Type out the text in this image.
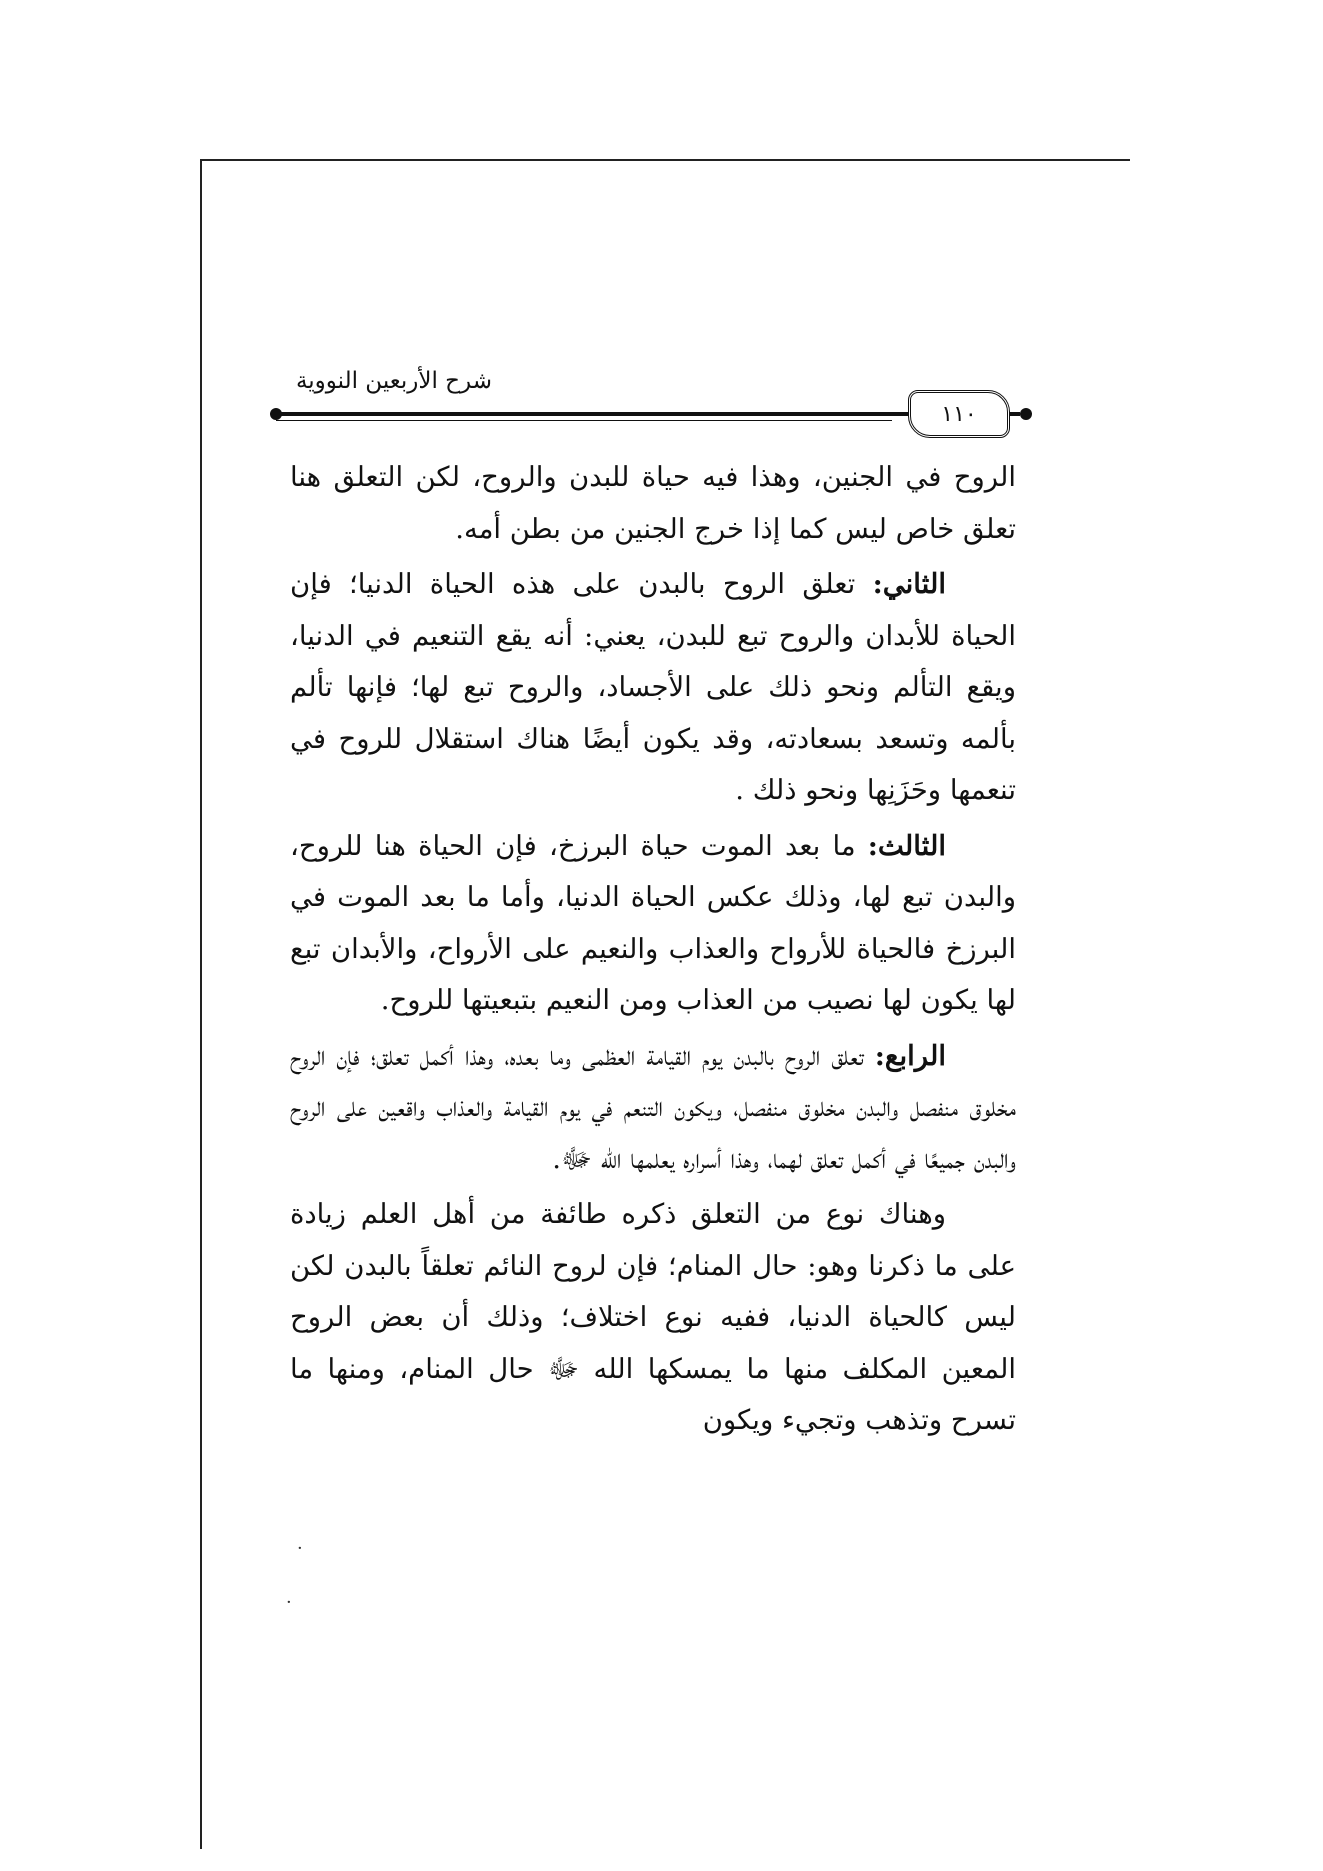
شرح الأربعين النووية
١١٠

الروح في الجنين، وهذا فيه حياة للبدن والروح، لكن التعلق هنا تعلق خاص ليس كما إذا خرج الجنين من بطن أمه.

الثاني: تعلق الروح بالبدن على هذه الحياة الدنيا؛ فإن الحياة للأبدان والروح تبع للبدن، يعني: أنه يقع التنعيم في الدنيا، ويقع التألم ونحو ذلك على الأجساد، والروح تبع لها؛ فإنها تألم بألمه وتسعد بسعادته، وقد يكون أيضًا هناك استقلال للروح في تنعمها وحَزَنِها ونحو ذلك .

الثالث: ما بعد الموت حياة البرزخ، فإن الحياة هنا للروح، والبدن تبع لها، وذلك عكس الحياة الدنيا، وأما ما بعد الموت في البرزخ فالحياة للأرواح والعذاب والنعيم على الأرواح، والأبدان تبع لها يكون لها نصيب من العذاب ومن النعيم بتبعيتها للروح.

الرابع: تعلق الروح بالبدن يوم القيامة العظمى وما بعده، وهذا أكمل تعلق؛ فإن الروح مخلوق منفصل والبدن مخلوق منفصل، ويكون التنعم في يوم القيامة والعذاب واقعين على الروح والبدن جميعًا في أكمل تعلق لهما، وهذا أسراره يعلمها الله ﷻ.

وهناك نوع من التعلق ذكره طائفة من أهل العلم زيادة على ما ذكرنا وهو: حال المنام؛ فإن لروح النائم تعلقاً بالبدن لكن ليس كالحياة الدنيا، ففيه نوع اختلاف؛ وذلك أن بعض الروح المعين المكلف منها ما يمسكها الله ﷻ حال المنام، ومنها ما تسرح وتذهب وتجيء ويكون

·
·
